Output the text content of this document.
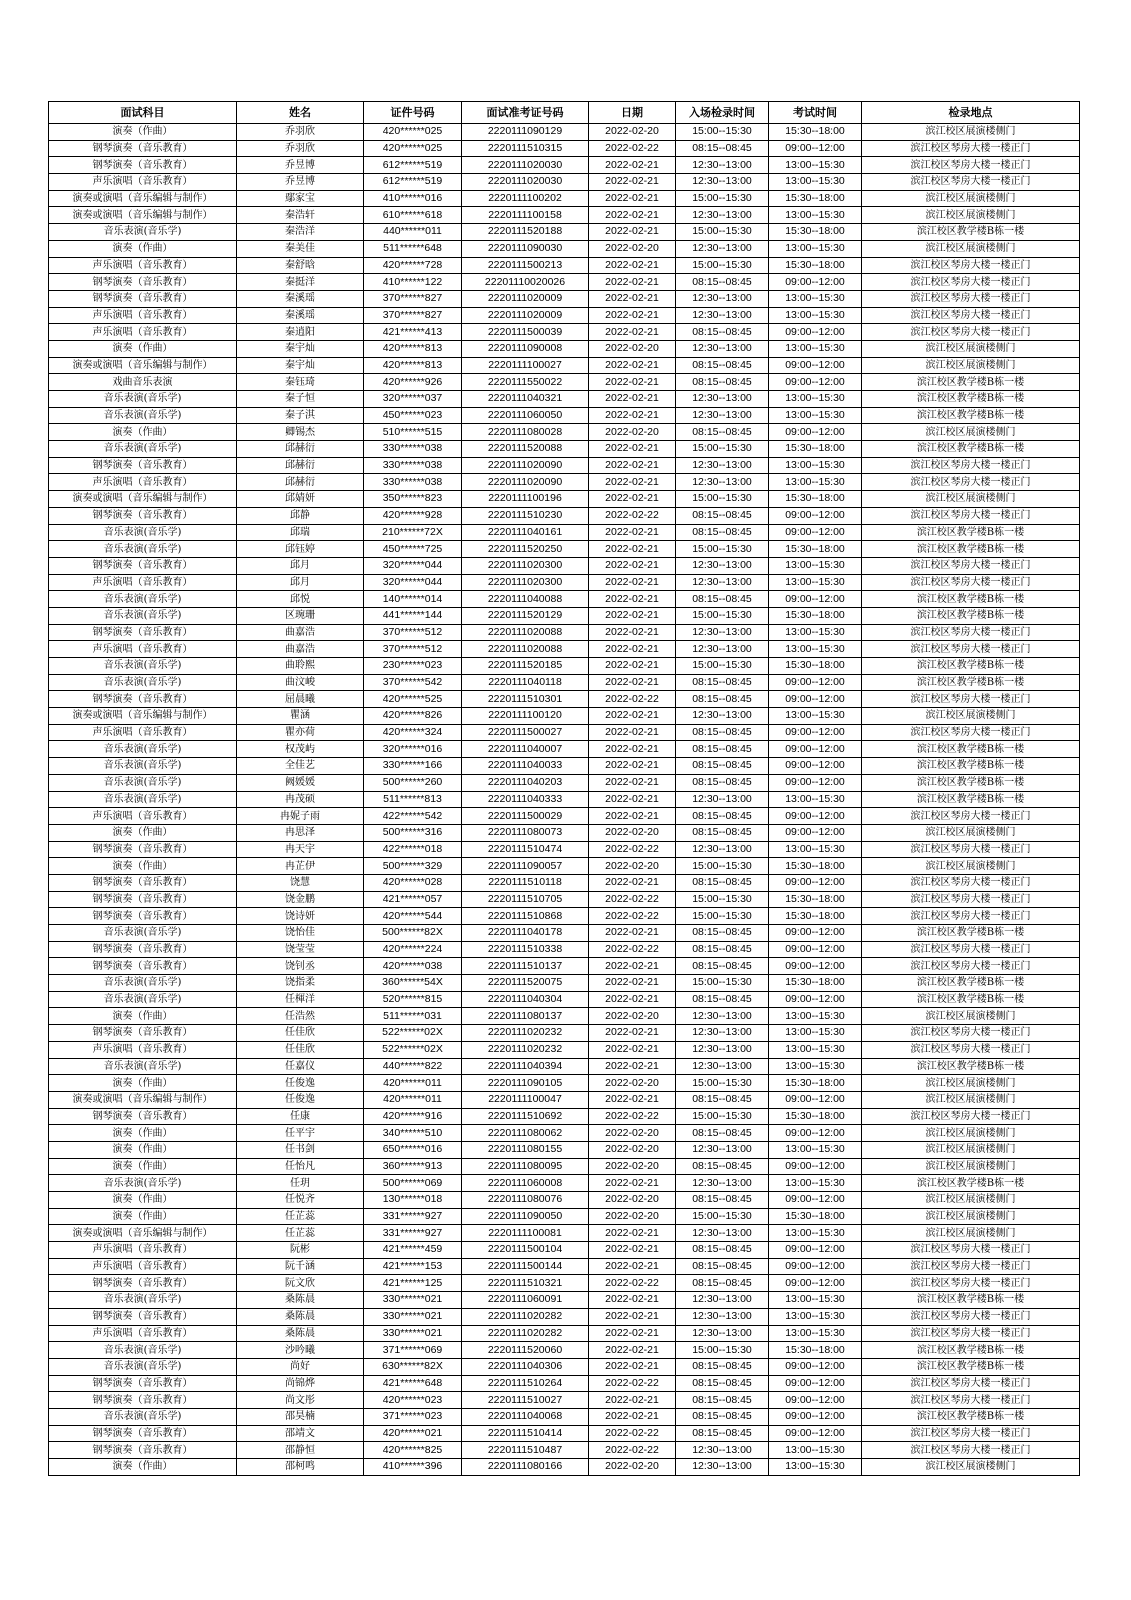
面试科目	姓名	证件号码	面试准考证号码	日期	入场检录时间	考试时间	检录地点
演奏（作曲）	乔羽欣	420******025	2220111090129	2022-02-20	15:00--15:30	15:30--18:00	滨江校区展演楼侧门
钢琴演奏（音乐教育）	乔羽欣	420******025	2220111510315	2022-02-22	08:15--08:45	09:00--12:00	滨江校区琴房大楼一楼正门
钢琴演奏（音乐教育）	乔昱博	612******519	2220111020030	2022-02-21	12:30--13:00	13:00--15:30	滨江校区琴房大楼一楼正门
声乐演唱（音乐教育）	乔昱博	612******519	2220111020030	2022-02-21	12:30--13:00	13:00--15:30	滨江校区琴房大楼一楼正门
演奏或演唱（音乐编辑与制作）	鄢家宝	410******016	2220111100202	2022-02-21	15:00--15:30	15:30--18:00	滨江校区展演楼侧门
演奏或演唱（音乐编辑与制作）	秦浩轩	610******618	2220111100158	2022-02-21	12:30--13:00	13:00--15:30	滨江校区展演楼侧门
音乐表演(音乐学)	秦浩洋	440******011	2220111520188	2022-02-21	15:00--15:30	15:30--18:00	滨江校区教学楼B栋一楼
演奏（作曲）	秦美佳	511******648	2220111090030	2022-02-20	12:30--13:00	13:00--15:30	滨江校区展演楼侧门
声乐演唱（音乐教育）	秦舒晗	420******728	2220111500213	2022-02-21	15:00--15:30	15:30--18:00	滨江校区琴房大楼一楼正门
钢琴演奏（音乐教育）	秦挺洋	410******122	22201110020026	2022-02-21	08:15--08:45	09:00--12:00	滨江校区琴房大楼一楼正门
钢琴演奏（音乐教育）	秦溪瑶	370******827	2220111020009	2022-02-21	12:30--13:00	13:00--15:30	滨江校区琴房大楼一楼正门
声乐演唱（音乐教育）	秦溪瑶	370******827	2220111020009	2022-02-21	12:30--13:00	13:00--15:30	滨江校区琴房大楼一楼正门
声乐演唱（音乐教育）	秦逍阳	421******413	2220111500039	2022-02-21	08:15--08:45	09:00--12:00	滨江校区琴房大楼一楼正门
演奏（作曲）	秦宇灿	420******813	2220111090008	2022-02-20	12:30--13:00	13:00--15:30	滨江校区展演楼侧门
演奏或演唱（音乐编辑与制作）	秦宇灿	420******813	2220111100027	2022-02-21	08:15--08:45	09:00--12:00	滨江校区展演楼侧门
戏曲音乐表演	秦钰琦	420******926	2220111550022	2022-02-21	08:15--08:45	09:00--12:00	滨江校区教学楼B栋一楼
音乐表演(音乐学)	秦子恒	320******037	2220111040321	2022-02-21	12:30--13:00	13:00--15:30	滨江校区教学楼B栋一楼
音乐表演(音乐学)	秦子淇	450******023	2220111060050	2022-02-21	12:30--13:00	13:00--15:30	滨江校区教学楼B栋一楼
演奏（作曲）	卿锡杰	510******515	2220111080028	2022-02-20	08:15--08:45	09:00--12:00	滨江校区展演楼侧门
音乐表演(音乐学)	邱赫衍	330******038	2220111520088	2022-02-21	15:00--15:30	15:30--18:00	滨江校区教学楼B栋一楼
钢琴演奏（音乐教育）	邱赫衍	330******038	2220111020090	2022-02-21	12:30--13:00	13:00--15:30	滨江校区琴房大楼一楼正门
声乐演唱（音乐教育）	邱赫衍	330******038	2220111020090	2022-02-21	12:30--13:00	13:00--15:30	滨江校区琴房大楼一楼正门
演奏或演唱（音乐编辑与制作）	邱婧妍	350******823	2220111100196	2022-02-21	15:00--15:30	15:30--18:00	滨江校区展演楼侧门
钢琴演奏（音乐教育）	邱静	420******928	2220111510230	2022-02-22	08:15--08:45	09:00--12:00	滨江校区琴房大楼一楼正门
音乐表演(音乐学)	邱瑞	210******72X	2220111040161	2022-02-21	08:15--08:45	09:00--12:00	滨江校区教学楼B栋一楼
音乐表演(音乐学)	邱钰婷	450******725	2220111520250	2022-02-21	15:00--15:30	15:30--18:00	滨江校区教学楼B栋一楼
钢琴演奏（音乐教育）	邱月	320******044	2220111020300	2022-02-21	12:30--13:00	13:00--15:30	滨江校区琴房大楼一楼正门
声乐演唱（音乐教育）	邱月	320******044	2220111020300	2022-02-21	12:30--13:00	13:00--15:30	滨江校区琴房大楼一楼正门
音乐表演(音乐学)	邱悦	140******014	2220111040088	2022-02-21	08:15--08:45	09:00--12:00	滨江校区教学楼B栋一楼
音乐表演(音乐学)	区琬珊	441******144	2220111520129	2022-02-21	15:00--15:30	15:30--18:00	滨江校区教学楼B栋一楼
钢琴演奏（音乐教育）	曲嘉浩	370******512	2220111020088	2022-02-21	12:30--13:00	13:00--15:30	滨江校区琴房大楼一楼正门
声乐演唱（音乐教育）	曲嘉浩	370******512	2220111020088	2022-02-21	12:30--13:00	13:00--15:30	滨江校区琴房大楼一楼正门
音乐表演(音乐学)	曲聆熙	230******023	2220111520185	2022-02-21	15:00--15:30	15:30--18:00	滨江校区教学楼B栋一楼
音乐表演(音乐学)	曲汶峻	370******542	2220111040118	2022-02-21	08:15--08:45	09:00--12:00	滨江校区教学楼B栋一楼
钢琴演奏（音乐教育）	屈晨曦	420******525	2220111510301	2022-02-22	08:15--08:45	09:00--12:00	滨江校区琴房大楼一楼正门
演奏或演唱（音乐编辑与制作）	瞿涵	420******826	2220111100120	2022-02-21	12:30--13:00	13:00--15:30	滨江校区展演楼侧门
声乐演唱（音乐教育）	瞿亦荷	420******324	2220111500027	2022-02-21	08:15--08:45	09:00--12:00	滨江校区琴房大楼一楼正门
音乐表演(音乐学)	权茂屿	320******016	2220111040007	2022-02-21	08:15--08:45	09:00--12:00	滨江校区教学楼B栋一楼
音乐表演(音乐学)	全佳艺	330******166	2220111040033	2022-02-21	08:15--08:45	09:00--12:00	滨江校区教学楼B栋一楼
音乐表演(音乐学)	阙媛媛	500******260	2220111040203	2022-02-21	08:15--08:45	09:00--12:00	滨江校区教学楼B栋一楼
音乐表演(音乐学)	冉茂硕	511******813	2220111040333	2022-02-21	12:30--13:00	13:00--15:30	滨江校区教学楼B栋一楼
声乐演唱（音乐教育）	冉妮子雨	422******542	2220111500029	2022-02-21	08:15--08:45	09:00--12:00	滨江校区琴房大楼一楼正门
演奏（作曲）	冉思泽	500******316	2220111080073	2022-02-20	08:15--08:45	09:00--12:00	滨江校区展演楼侧门
钢琴演奏（音乐教育）	冉天宇	422******018	2220111510474	2022-02-22	12:30--13:00	13:00--15:30	滨江校区琴房大楼一楼正门
演奏（作曲）	冉芷伊	500******329	2220111090057	2022-02-20	15:00--15:30	15:30--18:00	滨江校区展演楼侧门
钢琴演奏（音乐教育）	饶慧	420******028	2220111510118	2022-02-21	08:15--08:45	09:00--12:00	滨江校区琴房大楼一楼正门
钢琴演奏（音乐教育）	饶金鹏	421******057	2220111510705	2022-02-22	15:00--15:30	15:30--18:00	滨江校区琴房大楼一楼正门
钢琴演奏（音乐教育）	饶诗妍	420******544	2220111510868	2022-02-22	15:00--15:30	15:30--18:00	滨江校区琴房大楼一楼正门
音乐表演(音乐学)	饶怡佳	500******82X	2220111040178	2022-02-21	08:15--08:45	09:00--12:00	滨江校区教学楼B栋一楼
钢琴演奏（音乐教育）	饶莹莹	420******224	2220111510338	2022-02-22	08:15--08:45	09:00--12:00	滨江校区琴房大楼一楼正门
钢琴演奏（音乐教育）	饶钊丞	420******038	2220111510137	2022-02-21	08:15--08:45	09:00--12:00	滨江校区琴房大楼一楼正门
音乐表演(音乐学)	饶指柔	360******54X	2220111520075	2022-02-21	15:00--15:30	15:30--18:00	滨江校区教学楼B栋一楼
音乐表演(音乐学)	任楎洋	520******815	2220111040304	2022-02-21	08:15--08:45	09:00--12:00	滨江校区教学楼B栋一楼
演奏（作曲）	任浩然	511******031	2220111080137	2022-02-20	12:30--13:00	13:00--15:30	滨江校区展演楼侧门
钢琴演奏（音乐教育）	任佳欣	522******02X	2220111020232	2022-02-21	12:30--13:00	13:00--15:30	滨江校区琴房大楼一楼正门
声乐演唱（音乐教育）	任佳欣	522******02X	2220111020232	2022-02-21	12:30--13:00	13:00--15:30	滨江校区琴房大楼一楼正门
音乐表演(音乐学)	任嘉仪	440******822	2220111040394	2022-02-21	12:30--13:00	13:00--15:30	滨江校区教学楼B栋一楼
演奏（作曲）	任俊逸	420******011	2220111090105	2022-02-20	15:00--15:30	15:30--18:00	滨江校区展演楼侧门
演奏或演唱（音乐编辑与制作）	任俊逸	420******011	2220111100047	2022-02-21	08:15--08:45	09:00--12:00	滨江校区展演楼侧门
钢琴演奏（音乐教育）	任康	420******916	2220111510692	2022-02-22	15:00--15:30	15:30--18:00	滨江校区琴房大楼一楼正门
演奏（作曲）	任平宇	340******510	2220111080062	2022-02-20	08:15--08:45	09:00--12:00	滨江校区展演楼侧门
演奏（作曲）	任书剑	650******016	2220111080155	2022-02-20	12:30--13:00	13:00--15:30	滨江校区展演楼侧门
演奏（作曲）	任怡凡	360******913	2220111080095	2022-02-20	08:15--08:45	09:00--12:00	滨江校区展演楼侧门
音乐表演(音乐学)	任玥	500******069	2220111060008	2022-02-21	12:30--13:00	13:00--15:30	滨江校区教学楼B栋一楼
演奏（作曲）	任悦齐	130******018	2220111080076	2022-02-20	08:15--08:45	09:00--12:00	滨江校区展演楼侧门
演奏（作曲）	任芷蕊	331******927	2220111090050	2022-02-20	15:00--15:30	15:30--18:00	滨江校区展演楼侧门
演奏或演唱（音乐编辑与制作）	任芷蕊	331******927	2220111100081	2022-02-21	12:30--13:00	13:00--15:30	滨江校区展演楼侧门
声乐演唱（音乐教育）	阮彬	421******459	2220111500104	2022-02-21	08:15--08:45	09:00--12:00	滨江校区琴房大楼一楼正门
声乐演唱（音乐教育）	阮千涵	421******153	2220111500144	2022-02-21	08:15--08:45	09:00--12:00	滨江校区琴房大楼一楼正门
钢琴演奏（音乐教育）	阮文欣	421******125	2220111510321	2022-02-22	08:15--08:45	09:00--12:00	滨江校区琴房大楼一楼正门
音乐表演(音乐学)	桑陈晨	330******021	2220111060091	2022-02-21	12:30--13:00	13:00--15:30	滨江校区教学楼B栋一楼
钢琴演奏（音乐教育）	桑陈晨	330******021	2220111020282	2022-02-21	12:30--13:00	13:00--15:30	滨江校区琴房大楼一楼正门
声乐演唱（音乐教育）	桑陈晨	330******021	2220111020282	2022-02-21	12:30--13:00	13:00--15:30	滨江校区琴房大楼一楼正门
音乐表演(音乐学)	沙吟曦	371******069	2220111520060	2022-02-21	15:00--15:30	15:30--18:00	滨江校区教学楼B栋一楼
音乐表演(音乐学)	尚好	630******82X	2220111040306	2022-02-21	08:15--08:45	09:00--12:00	滨江校区教学楼B栋一楼
钢琴演奏（音乐教育）	尚锦烨	421******648	2220111510264	2022-02-22	08:15--08:45	09:00--12:00	滨江校区琴房大楼一楼正门
钢琴演奏（音乐教育）	尚文彤	420******023	2220111510027	2022-02-21	08:15--08:45	09:00--12:00	滨江校区琴房大楼一楼正门
音乐表演(音乐学)	邵昊楠	371******023	2220111040068	2022-02-21	08:15--08:45	09:00--12:00	滨江校区教学楼B栋一楼
钢琴演奏（音乐教育）	邵靖文	420******021	2220111510414	2022-02-22	08:15--08:45	09:00--12:00	滨江校区琴房大楼一楼正门
钢琴演奏（音乐教育）	邵静恒	420******825	2220111510487	2022-02-22	12:30--13:00	13:00--15:30	滨江校区琴房大楼一楼正门
演奏（作曲）	邵柯鸣	410******396	2220111080166	2022-02-20	12:30--13:00	13:00--15:30	滨江校区展演楼侧门
